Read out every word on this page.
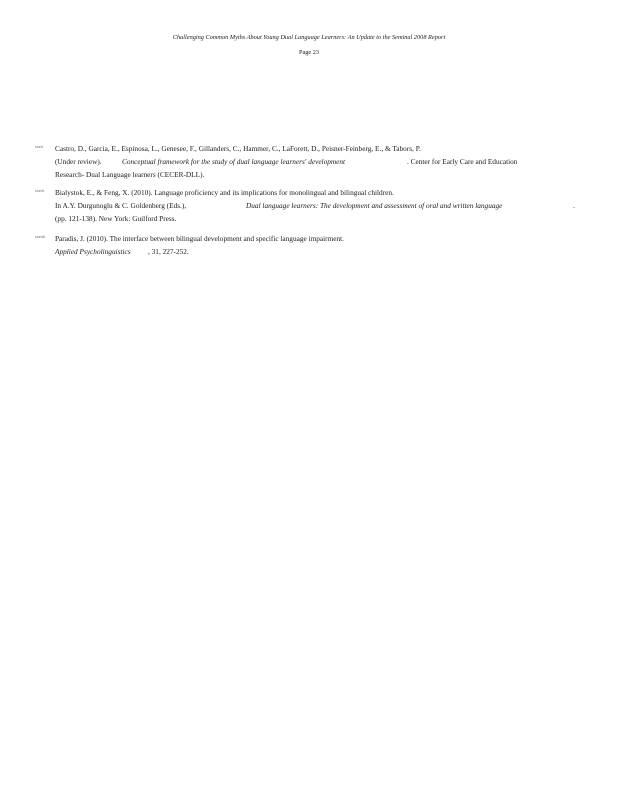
Challenging Common Myths About Young Dual Language Learners: An Update to the Seminal 2008 Report
Page 23
xxxvi Castro, D., Garcia, E., Espinosa, L., Genesee, F., Gillanders, C., Hammer, C., LaForett, D., Peisner-Feinberg, E., & Tabors, P.
(Under review).	Conceptual framework for the study of dual language learners' development	. Center for Early Care and Education
Research- Dual Language learners (CECER-DLL).
xxxvii Bialystok, E., & Feng, X. (2010). Language proficiency and its implications for monolingual and bilingual children.
In A.Y. Durgunoglu & C. Goldenberg (Eds.),	Dual language learners: The development and assessment of oral and written language	.
(pp. 121-138). New York: Guilford Press.
xxxviii Paradis, J. (2010). The interface between bilingual development and specific language impairment.
Applied Psycholinguistics , 31, 227-252.
